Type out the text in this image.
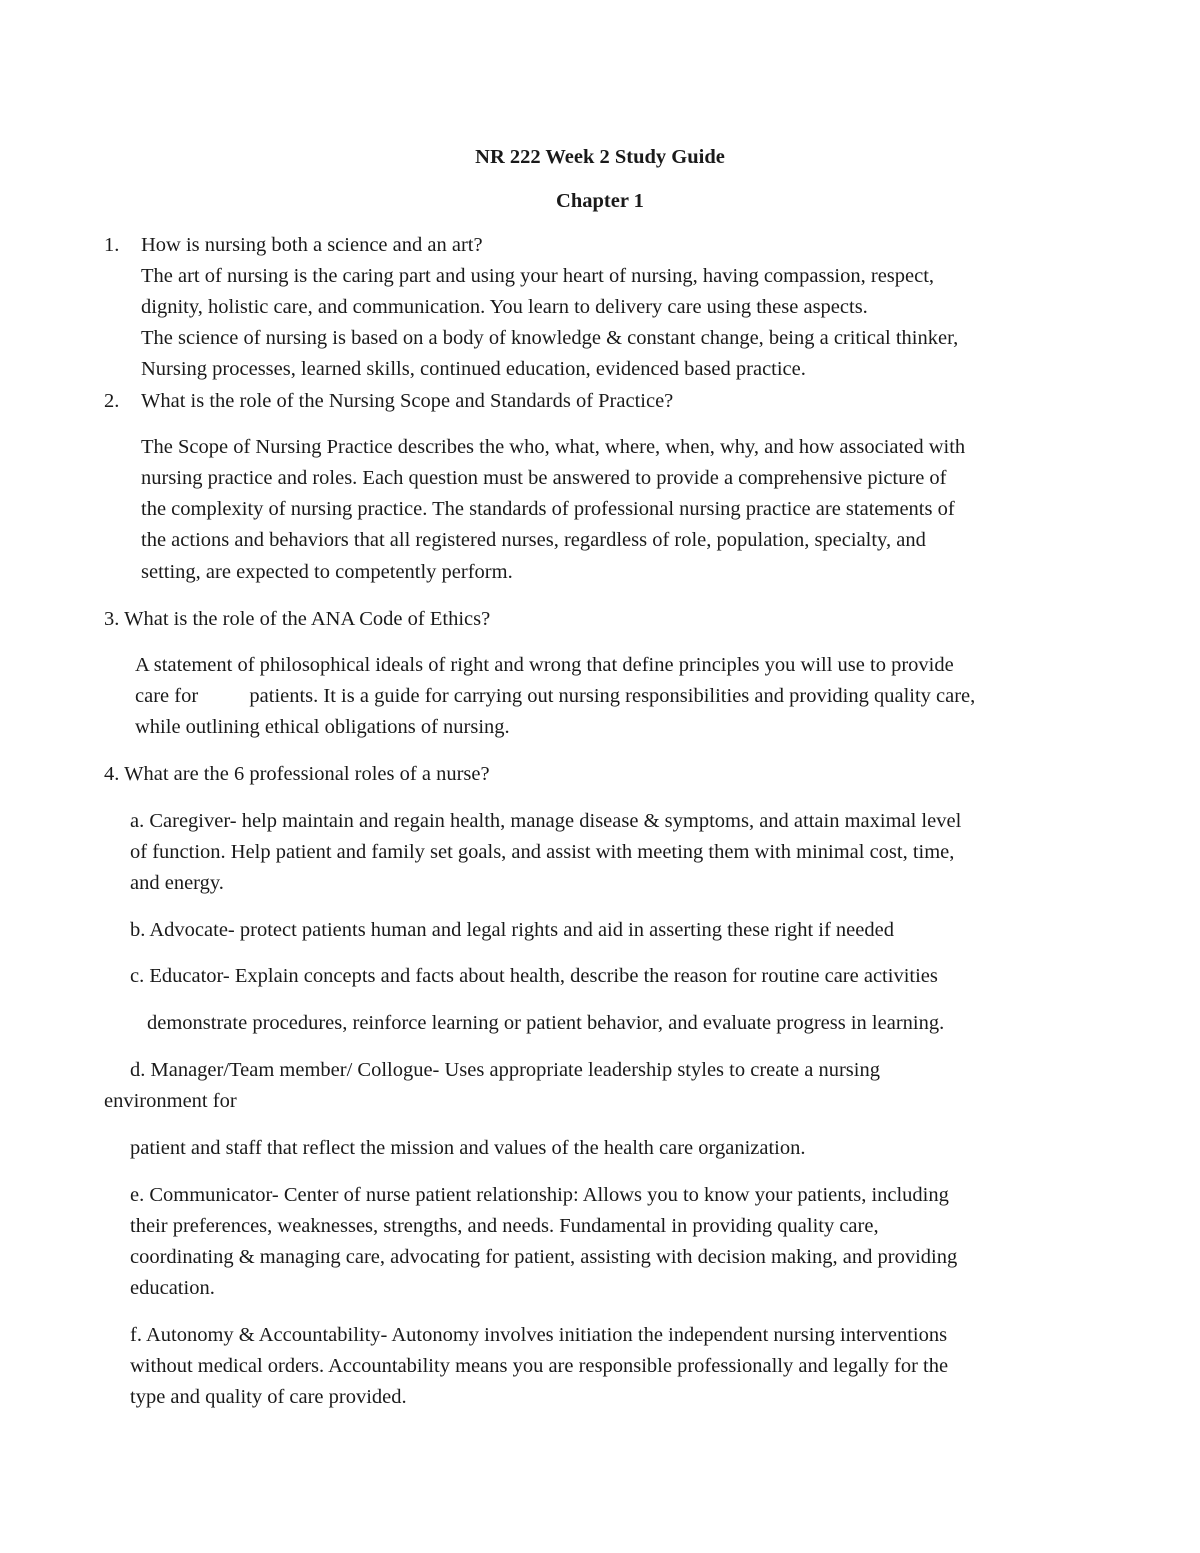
NR 222 Week 2 Study Guide
Chapter 1
1. How is nursing both a science and an art?
The art of nursing is the caring part and using your heart of nursing, having compassion, respect,
dignity, holistic care, and communication. You learn to delivery care using these aspects.
The science of nursing is based on a body of knowledge & constant change, being a critical thinker,
Nursing processes, learned skills, continued education, evidenced based practice.
2. What is the role of the Nursing Scope and Standards of Practice?
The Scope of Nursing Practice describes the who, what, where, when, why, and how associated with
nursing practice and roles. Each question must be answered to provide a comprehensive picture of
the complexity of nursing practice. The standards of professional nursing practice are statements of
the actions and behaviors that all registered nurses, regardless of role, population, specialty, and
setting, are expected to competently perform.
3. What is the role of the ANA Code of Ethics?
A statement of philosophical ideals of right and wrong that define principles you will use to provide
care for          patients. It is a guide for carrying out nursing responsibilities and providing quality care,
while outlining ethical obligations of nursing.
4. What are the 6 professional roles of a nurse?
a. Caregiver- help maintain and regain health, manage disease & symptoms, and attain maximal level
of function. Help patient and family set goals, and assist with meeting them with minimal cost, time,
and energy.
b. Advocate- protect patients human and legal rights and aid in asserting these right if needed
c. Educator- Explain concepts and facts about health, describe the reason for routine care activities
demonstrate procedures, reinforce learning or patient behavior, and evaluate progress in learning.
d. Manager/Team member/ Collogue- Uses appropriate leadership styles to create a nursing
environment for
patient and staff that reflect the mission and values of the health care organization.
e. Communicator- Center of nurse patient relationship: Allows you to know your patients, including
their preferences, weaknesses, strengths, and needs. Fundamental in providing quality care,
coordinating & managing care, advocating for patient, assisting with decision making, and providing
education.
f. Autonomy & Accountability- Autonomy involves initiation the independent nursing interventions
without medical orders. Accountability means you are responsible professionally and legally for the
type and quality of care provided.
